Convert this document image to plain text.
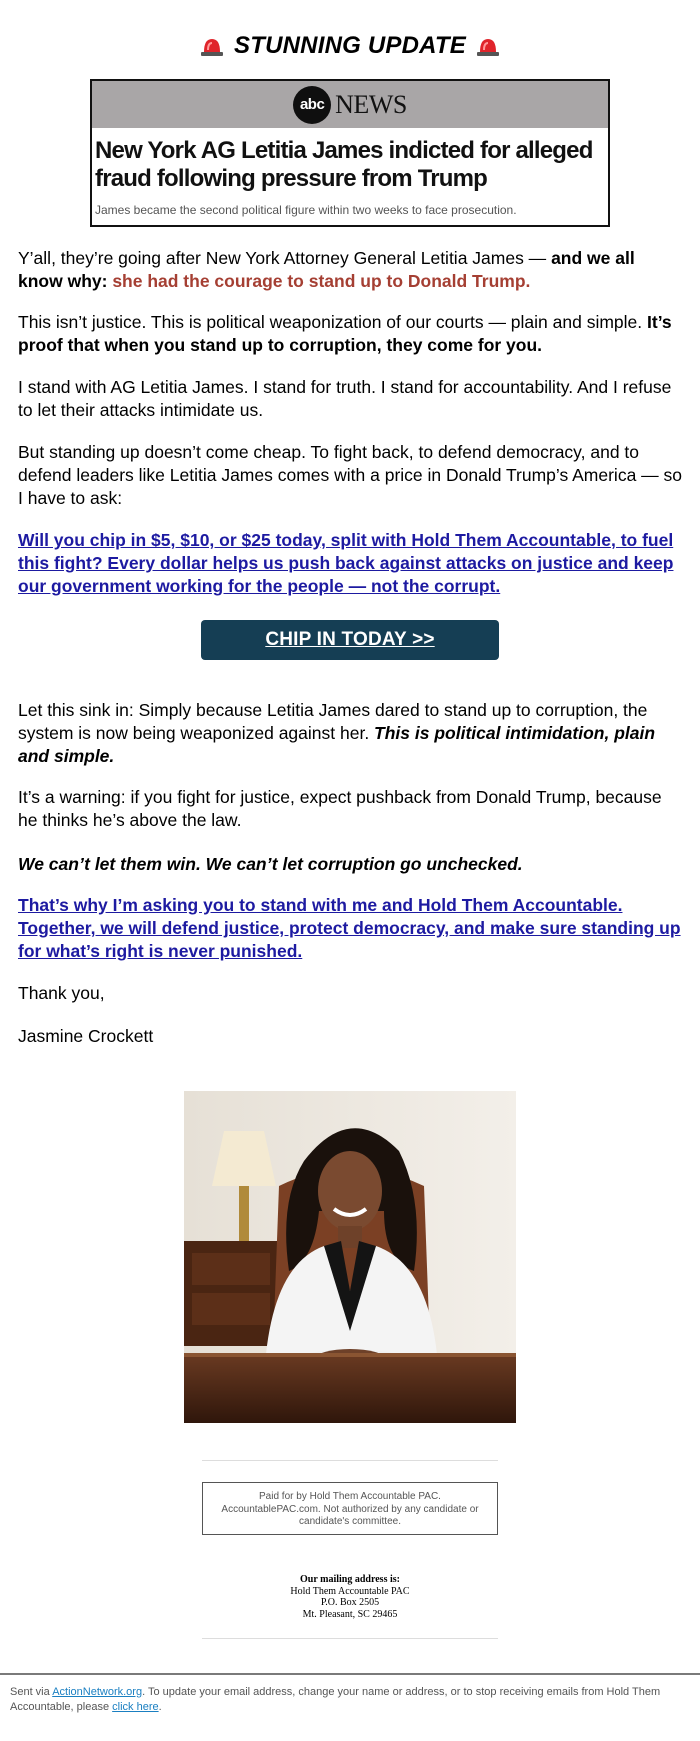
STUNNING UPDATE
abc NEWS
New York AG Letitia James indicted for alleged fraud following pressure from Trump
James became the second political figure within two weeks to face prosecution.
Y’all, they’re going after New York Attorney General Letitia James — and we all know why: she had the courage to stand up to Donald Trump.
This isn’t justice. This is political weaponization of our courts — plain and simple. It’s proof that when you stand up to corruption, they come for you.
I stand with AG Letitia James. I stand for truth. I stand for accountability. And I refuse to let their attacks intimidate us.
But standing up doesn’t come cheap. To fight back, to defend democracy, and to defend leaders like Letitia James comes with a price in Donald Trump’s America — so I have to ask:
Will you chip in $5, $10, or $25 today, split with Hold Them Accountable, to fuel this fight? Every dollar helps us push back against attacks on justice and keep our government working for the people — not the corrupt.
CHIP IN TODAY >>
Let this sink in: Simply because Letitia James dared to stand up to corruption, the system is now being weaponized against her. This is political intimidation, plain and simple.
It’s a warning: if you fight for justice, expect pushback from Donald Trump, because he thinks he’s above the law.
We can’t let them win. We can’t let corruption go unchecked.
That’s why I’m asking you to stand with me and Hold Them Accountable. Together, we will defend justice, protect democracy, and make sure standing up for what’s right is never punished.
Thank you,
Jasmine Crockett
Paid for by Hold Them Accountable PAC. AccountablePAC.com. Not authorized by any candidate or candidate's committee.
Our mailing address is:
Hold Them Accountable PAC
P.O. Box 2505
Mt. Pleasant, SC 29465
Sent via ActionNetwork.org. To update your email address, change your name or address, or to stop receiving emails from Hold Them Accountable, please click here.
